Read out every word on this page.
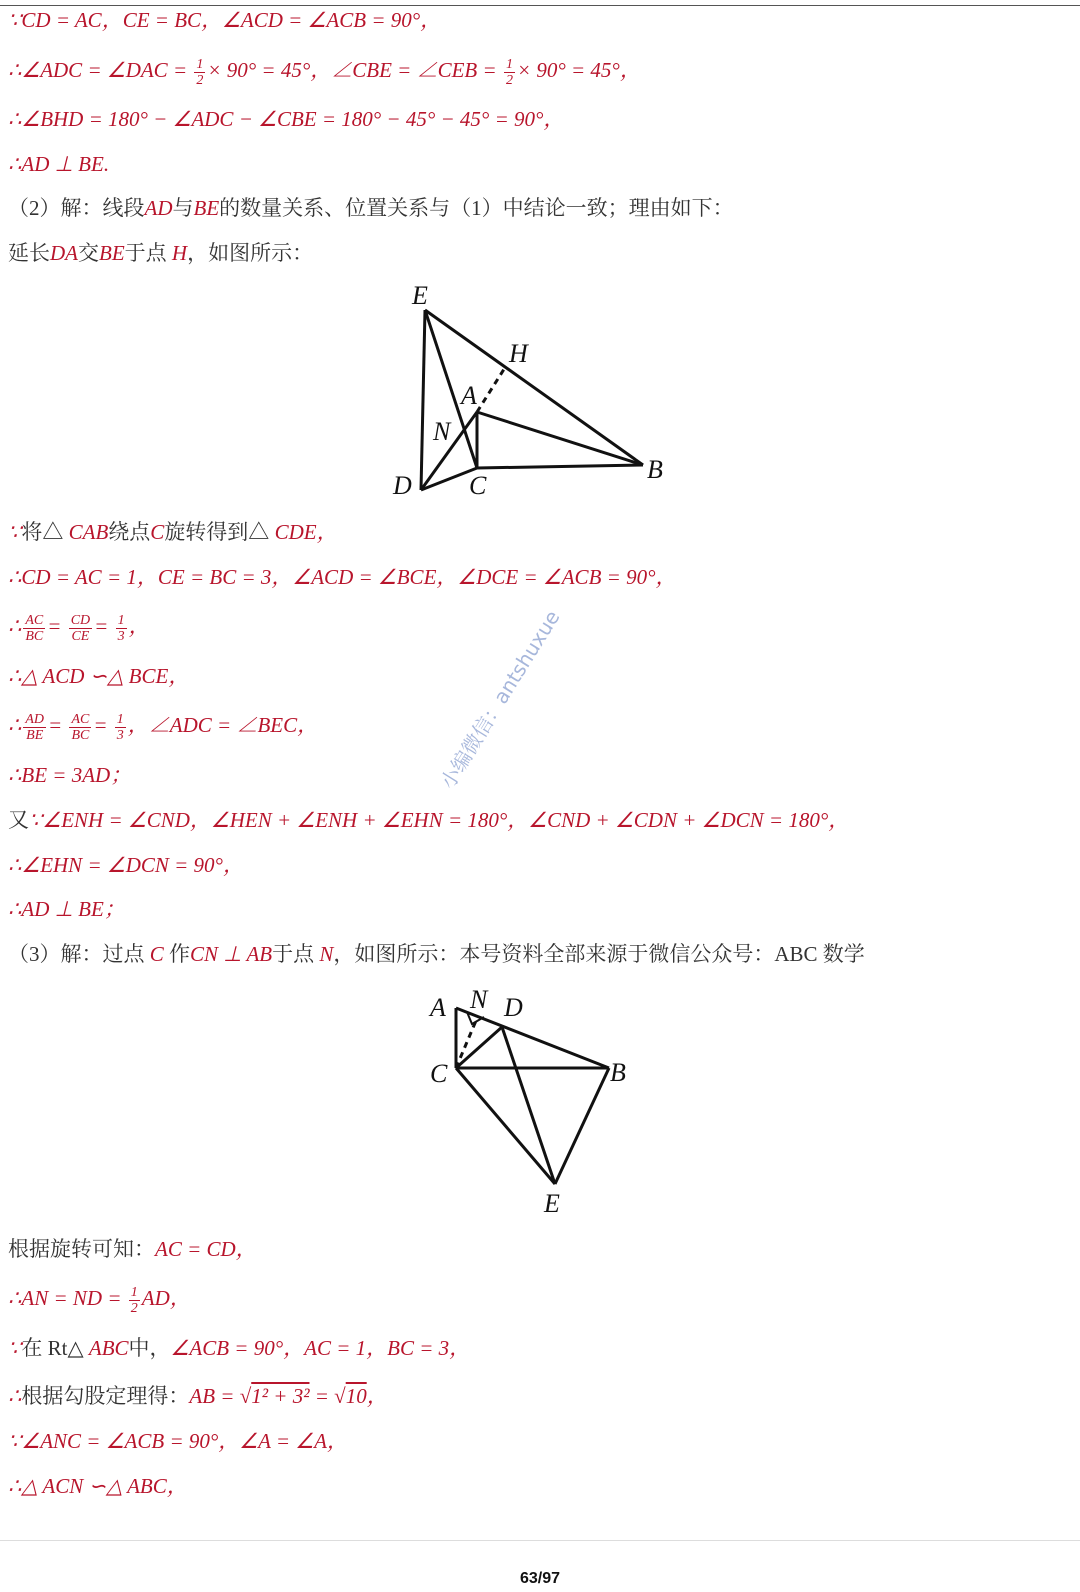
∵CD = AC，CE = BC，∠ACD = ∠ACB = 90°，
∴∠ADC = ∠DAC = $\frac{1}{2} \times 90^\circ = 45^\circ$，∠CBE = ∠CEB = $\frac{1}{2} \times 90^\circ = 45^\circ$，
∴∠BHD = 180° − ∠ADC − ∠CBE = 180° − 45° − 45° = 90°，
∴AD ⊥ BE.
（2）解：线段AD与BE的数量关系、位置关系与（1）中结论一致；理由如下：
延长DA交BE于点 H，如图所示：
E
H
A
N
D C
B
∵将△ CAB绕点C旋转得到△ CDE，
∴CD = AC = 1，CE = BC = 3，∠ACD = ∠BCE，∠DCE = ∠ACB = 90°，
∴ $\frac{AC}{BC} = \frac{CD}{CE} = \frac{1}{3}$ ，
∴△ ACD ∽△ BCE，
∴ $\frac{AD}{BE} = \frac{AC}{BC} = \frac{1}{3}$ ，∠ADC = ∠BEC，
∴BE = 3AD；
又∵∠ENH = ∠CND，∠HEN + ∠ENH + ∠EHN = 180°，∠CND + ∠CDN + ∠DCN = 180°，
∴∠EHN = ∠DCN = 90°，
∴AD ⊥ BE；
（3）解：过点 C 作CN ⊥ AB于点 N，如图所示：本号资料全部来源于微信公众号：ABC 数学
A N D
C	B
E
根据旋转可知：AC = CD，
∴AN = ND = $\frac{1}{2}$ AD，
∵在 Rt△ ABC中，∠ACB = 90°，AC = 1，BC = 3，
∴根据勾股定理得：AB = √1² + 3² = √10，
∵∠ANC = ∠ACB = 90°，∠A = ∠A，
∴△ ACN ∽△ ABC，
小编微信：antshuxue
63/97
